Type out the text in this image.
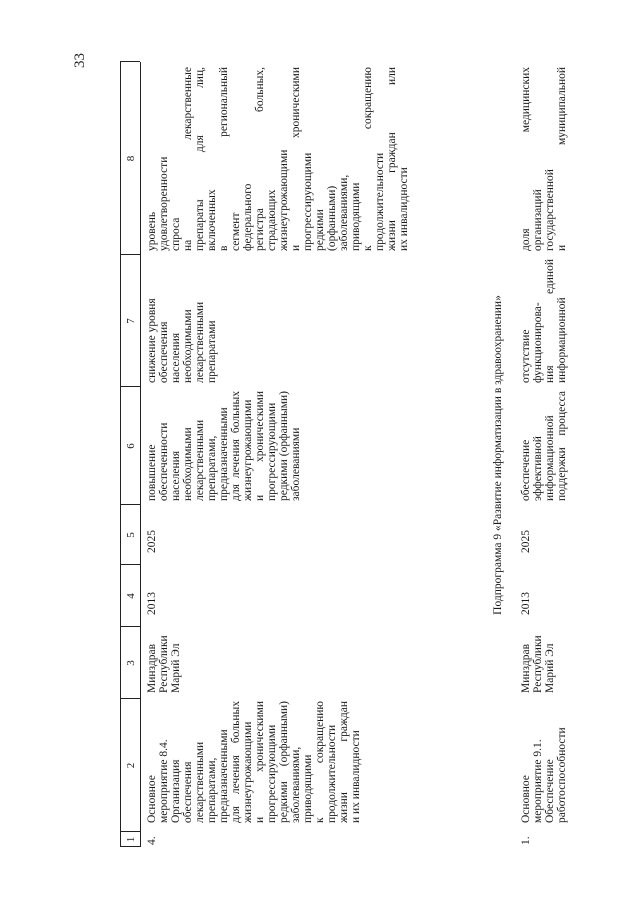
33
1
2
3
4
5
6
7
8
4.
Основное мероприятие 8.4. Организация обеспечения лекарственными препаратами, предназначенными для лечения больных жизнеугрожающими и хроническими прогрессирующими редкими (орфанными) заболеваниями, приводящими к сокращению продолжительности жизни граждан и их инвалидности
Минздрав Республики Марий Эл
2013
2025
повышение обеспеченности населения необходимыми лекарственными препаратами, предназначенными для лечения больных жизнеугрожающими и хроническими прогрессирующими редкими (орфанными) заболеваниями
снижение уровня обеспечения населения необходимыми лекарственными препаратами
уровень удовлетворенности спроса на лекарственные препараты для лиц, включенных в региональный сегмент федерального регистра больных, страдающих жизнеугрожающими и хроническими прогрессирующими редкими (орфанными) заболеваниями, приводящими к сокращению продолжительности жизни граждан или их инвалидности
Подпрограмма 9 «Развитие информатизации в здравоохранении»
1.
Основное мероприятие 9.1. Обеспечение работоспособности
Минздрав Республики Марий Эл
2013
2025
обеспечение эффективной информационной поддержки процесса
отсутствие функционирова- ния единой информационной
доля медицинских организаций государственной и муниципальной
